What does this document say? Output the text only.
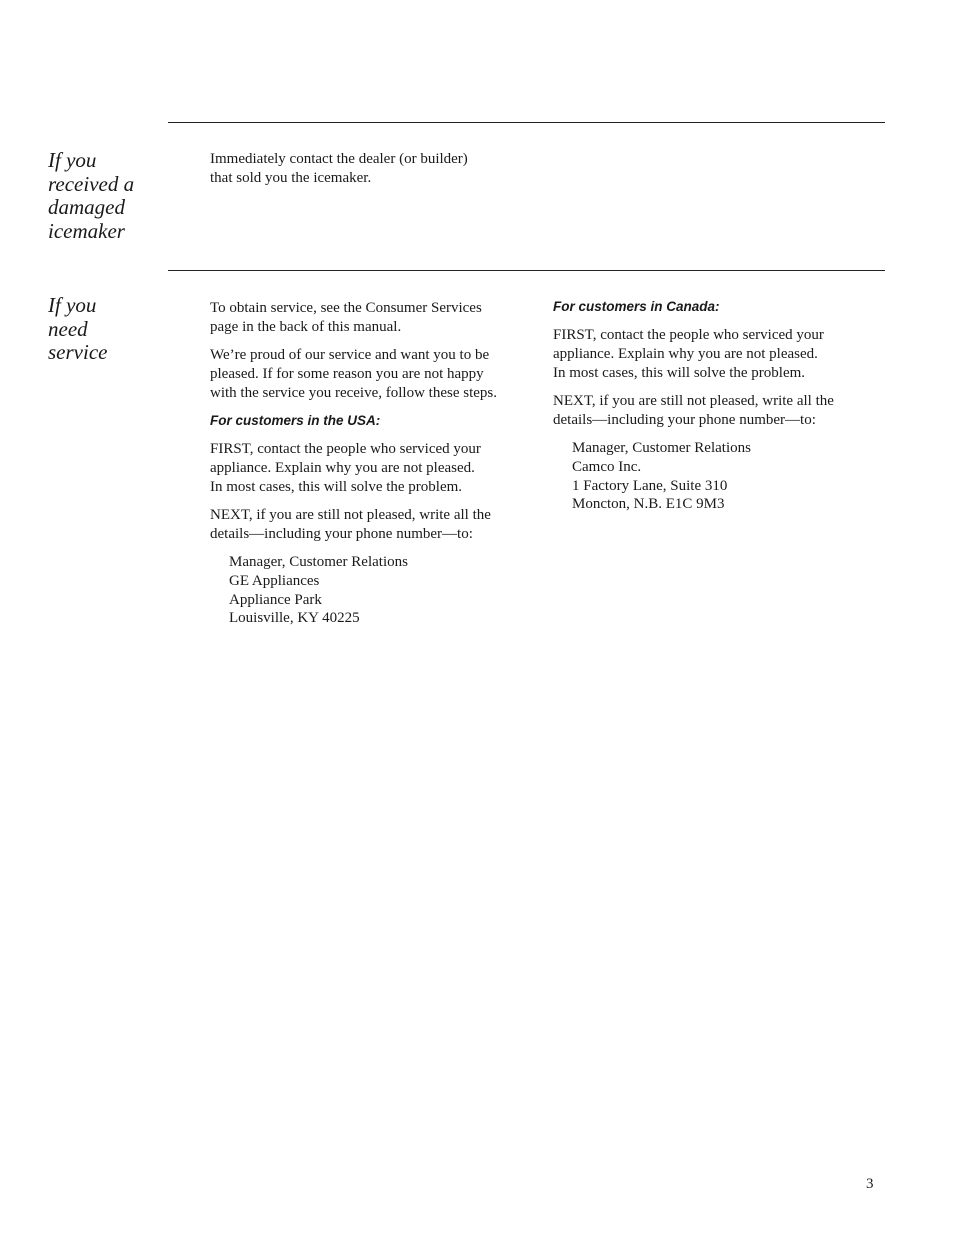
If you
received a
damaged
icemaker

Immediately contact the dealer (or builder)
that sold you the icemaker.

If you
need
service

To obtain service, see the Consumer Services
page in the back of this manual.

We’re proud of our service and want you to be
pleased. If for some reason you are not happy
with the service you receive, follow these steps.

For customers in the USA:

FIRST, contact the people who serviced your
appliance. Explain why you are not pleased.
In most cases, this will solve the problem.

NEXT, if you are still not pleased, write all the
details—including your phone number—to:

Manager, Customer Relations
GE Appliances
Appliance Park
Louisville, KY 40225

For customers in Canada:

FIRST, contact the people who serviced your
appliance. Explain why you are not pleased.
In most cases, this will solve the problem.

NEXT, if you are still not pleased, write all the
details—including your phone number—to:

Manager, Customer Relations
Camco Inc.
1 Factory Lane, Suite 310
Moncton, N.B. E1C 9M3
3
